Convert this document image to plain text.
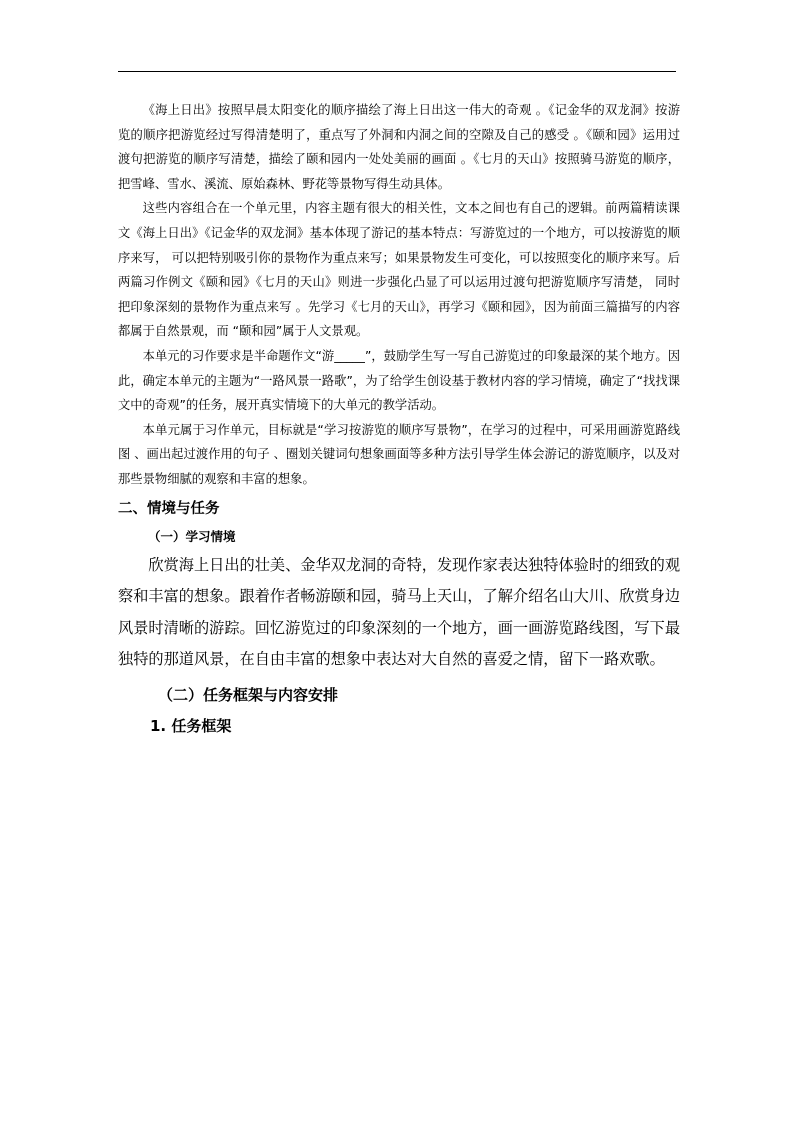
《海上日出》按照早晨太阳变化的顺序描绘了海上日出这一伟大的奇观 。《记金华的双龙洞》按游览的顺序把游览经过写得清楚明了，重点写了外洞和内洞之间的空隙及自己的感受 。《颐和园》运用过渡句把游览的顺序写清楚，描绘了颐和园内一处处美丽的画面 。《七月的天山》按照骑马游览的顺序，把雪峰、雪水、溪流、原始森林、野花等景物写得生动具体。

这些内容组合在一个单元里，内容主题有很大的相关性，文本之间也有自己的逻辑。前两篇精读课文《海上日出》《记金华的双龙洞》基本体现了游记的基本特点：写游览过的一个地方，可以按游览的顺序来写， 可以把特别吸引你的景物作为重点来写；如果景物发生可变化，可以按照变化的顺序来写。后两篇习作例文《颐和园》《七月的天山》则进一步强化凸显了可以运用过渡句把游览顺序写清楚， 同时把印象深刻的景物作为重点来写 。先学习《七月的天山》，再学习《颐和园》，因为前面三篇描写的内容都属于自然景观，而 “颐和园”属于人文景观。

本单元的习作要求是半命题作文“游_____”，鼓励学生写一写自己游览过的印象最深的某个地方。因此，确定本单元的主题为“一路风景一路歌”，为了给学生创设基于教材内容的学习情境，确定了“找找课文中的奇观”的任务，展开真实情境下的大单元的教学活动。

本单元属于习作单元，目标就是“学习按游览的顺序写景物”，在学习的过程中，可采用画游览路线图 、画出起过渡作用的句子 、圈划关键词句想象画面等多种方法引导学生体会游记的游览顺序，以及对那些景物细腻的观察和丰富的想象。

二、情境与任务
（一）学习情境

欣赏海上日出的壮美、金华双龙洞的奇特，发现作家表达独特体验时的细致的观察和丰富的想象。跟着作者畅游颐和园，骑马上天山，了解介绍名山大川、欣赏身边风景时清晰的游踪。回忆游览过的印象深刻的一个地方，画一画游览路线图，写下最独特的那道风景，在自由丰富的想象中表达对大自然的喜爱之情，留下一路欢歌。

（二）任务框架与内容安排
1. 任务框架
